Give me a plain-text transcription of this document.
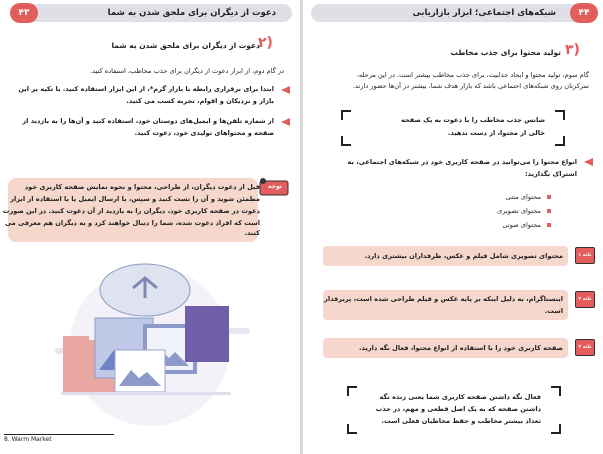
دعوت از دیگران برای ملحق شدن به شما
۴۳
دعوت از دیگران برای ملحق شدن به شما
۲)
در گام دوم، از ابزار دعوت از دیگران برای جذب مخاطب، استفاده کنید.
ابتدا برای برقراری رابطه با بازار گرم*، از این ابزار استفاده کنید. با تکیه بر این
بازار و نزدیکان و اقوام، تجربه کسب می کنید.
از شماره تلفن‌ها و ایمیل‌های دوستان خود، استفاده کنید و آن‌ها را به بازدید از
صفحه و محتواهای تولیدی خود، دعوت کنید.
توجه
قبل از دعوت دیگران، از طراحی، محتوا و نحوه نمایش صفحه کاربری خود
مطمئن شوید و آن را تست کنید و سپس، با ارسال ایمیل یا با استفاده از ابزار
دعوت در صفحه کاربری خود، دیگران را به بازدید از آن دعوت کنید. در این صورت
است که افراد دعوت شده، شما را دنبال خواهند کرد و به دیگران هم معرفی می کنند.
8. Warm Market
شبکه‌های اجتماعی؛ ابزار بازاریابی	۴۴
تولید محتوا برای جذب مخاطب ۳)
گام سوم، تولید محتوا و ایجاد جذابیت، برای جذب مخاطب بیشتر است. در این مرحله،
تمرکزتان روی شبکه‌های اجتماعی باشد که بازار هدف شما، بیشتر در آن‌ها حضور دارند.
شانس جذب مخاطب را با دعوت به یک صفحه
خالی از محتوا، از دست ندهید.
انواع محتوا را می‌توانید در صفحه کاربری خود در شبکه‌های اجتماعی، به
اشتراک بگذارید:
محتوای متنی
محتوای تصویری
محتوای صوتی
نکته ۱
محتوای تصویری شامل فیلم و عکس، طرفداران بیشتری دارد.
نکته ۲
اینستاگرام، به دلیل اینکه بر پایه عکس و فیلم طراحی شده است، پربرفدار
است.
نکته ۳
صفحه کاربری خود را با استفاده از انواع محتوا، فعال نگه دارید.
فعال نگه داشتن صفحه کاربری شما یعنی زنده نگه
داشتن صفحه که به یک اصل قطعی و مهم، در جذب
تعداد بیشتر مخاطب و حفظ مخاطبان فعلی است.
